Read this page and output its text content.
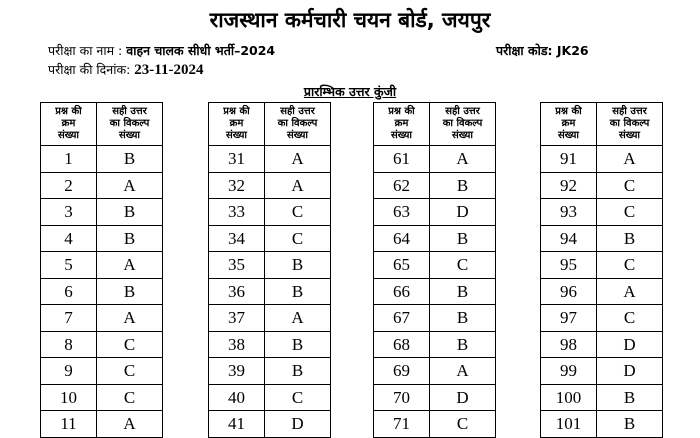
राजस्थान कर्मचारी चयन बोर्ड, जयपुर
परीक्षा का नाम : वाहन चालक सीधी भर्ती–2024	परीक्षा कोड: JK26
परीक्षा की दिनांक: 23-11-2024
प्रारम्भिक उत्तर कुंजी
प्रश्न की
क्रम
संख्या	सही उत्तर
का विकल्प
संख्या
1	B
2	A
3	B
4	B
5	A
6	B
7	A
8	C
9	C
10	C
11	A
प्रश्न की
क्रम
संख्या	सही उत्तर
का विकल्प
संख्या
31	A
32	A
33	C
34	C
35	B
36	B
37	A
38	B
39	B
40	C
41	D
प्रश्न की
क्रम
संख्या	सही उत्तर
का विकल्प
संख्या
61	A
62	B
63	D
64	B
65	C
66	B
67	B
68	B
69	A
70	D
71	C
प्रश्न की
क्रम
संख्या	सही उत्तर
का विकल्प
संख्या
91	A
92	C
93	C
94	B
95	C
96	A
97	C
98	D
99	D
100	B
101	B
